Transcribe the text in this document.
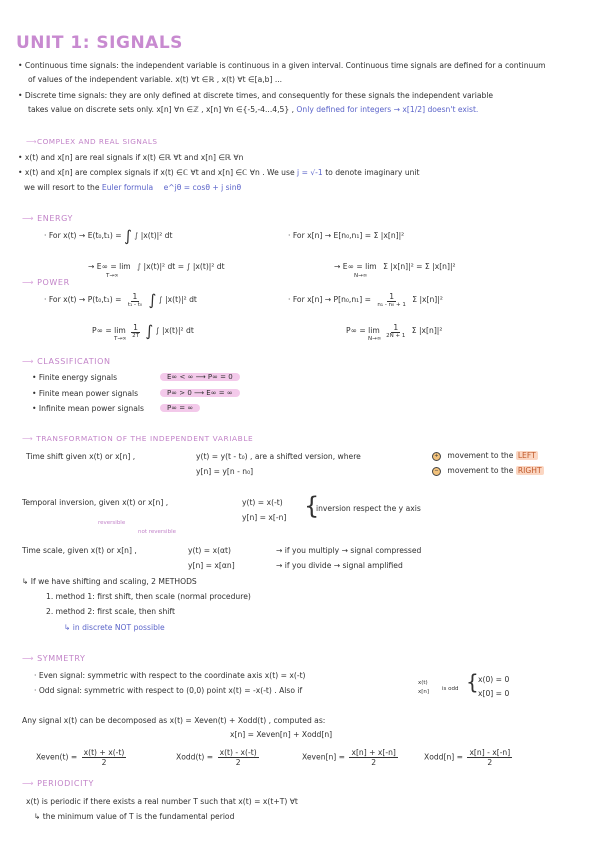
UNIT 1: SIGNALS
• Continuous time signals: the independent variable is continuous in a given interval. Continuous time signals are defined for a continuum
of values of the independent variable. x(t) ∀t ∈ℝ , x(t) ∀t ∈[a,b] ...
• Discrete time signals: they are only defined at discrete times, and consequently for these signals the independent variable
takes value on discrete sets only. x[n] ∀n ∈ℤ , x[n] ∀n ∈{-5,-4...4,5} , Only defined for integers → x[1/2] doesn't exist.
⟶COMPLEX AND REAL SIGNALS
• x(t) and x[n] are real signals if x(t) ∈ℝ ∀t and x[n] ∈ℝ ∀n
• x(t) and x[n] are complex signals if x(t) ∈ℂ ∀t and x[n] ∈ℂ ∀n . We use j = √-1 to denote imaginary unit
we will resort to the Euler formula e^jθ = cosθ + j sinθ
⟶ ENERGY
· For x(t) → E(t₀,t₁) = ∫ ∫ |x(t)|² dt
→ E∞ = lim
T→∞
∫ |x(t)|² dt = ∫ |x(t)|² dt
· For x[n] → E[n₀,n₁] = Σ |x[n]|²
→ E∞ = lim
N→∞
Σ |x[n]|² = Σ |x[n]|²
⟶ POWER
· For $x(t) \to P(t_0,t_1) = \frac{1}{\text{t₁ - t₀}}$ ∫ ∫ |x(t)|² dt
$P\infty = \lim \frac{1}{2T}$ ∫ ∫ |x(t)|² dt
T→∞
· For $x[n] \to P[n_0,n_1] = \frac{1}{\text{n₁ - n₀ + 1}}$ Σ |x[n]|²
$P\infty = \lim \frac{1}{2N + 1}$ Σ |x[n]|²
N→∞
⟶ CLASSIFICATION
• Finite energy signals	E∞ < ∞ ⟶ P∞ = 0
• Finite mean power signals	P∞ > 0 ⟶ E∞ = ∞
• Infinite mean power signals	P∞ = ∞
⟶ TRANSFORMATION OF THE INDEPENDENT VARIABLE
Time shift given x(t) or x[n] ,	y(t) = y(t - t₀) , are a shifted version, where
y[n] = y[n - n₀]
+ movement to the LEFT
− movement to the RIGHT
Temporal inversion, given x(t) or x[n] ,	y(t) = x(-t)
y[n] = x[-n] {
inversion respect the y axis
reversible
not reversible
Time scale, given x(t) or x[n] ,	y(t) = x(αt)
y[n] = x[αn]
→ if you multiply → signal compressed
→ if you divide → signal amplified
↳ If we have shifting and scaling, 2 METHODS
1. method 1: first shift, then scale (normal procedure)
2. method 2: first scale, then shift
↳ in discrete NOT possible
⟶ SYMMETRY
· Even signal: symmetric with respect to the coordinate axis x(t) = x(-t)
· Odd signal: symmetric with respect to (0,0) point x(t) = -x(-t) . Also if
x(t)
x[n] is odd { x(0) = 0
x[0] = 0
Any signal x(t) can be decomposed as x(t) = Xeven(t) + Xodd(t) , computed as:
x[n] = Xeven[n] + Xodd[n]
Xeven(t) = $\frac{x(t) + x(-t)}{2}$	Xodd(t) = $\frac{x(t) - x(-t)}{2}$	Xeven[n] = $\frac{x[n] + x[-n]}{2}$	Xodd[n] = $\frac{x[n] - x[-n]}{2}$
⟶ PERIODICITY
x(t) is periodic if there exists a real number T such that x(t) = x(t+T) ∀t
↳ the minimum value of T is the fundamental period
